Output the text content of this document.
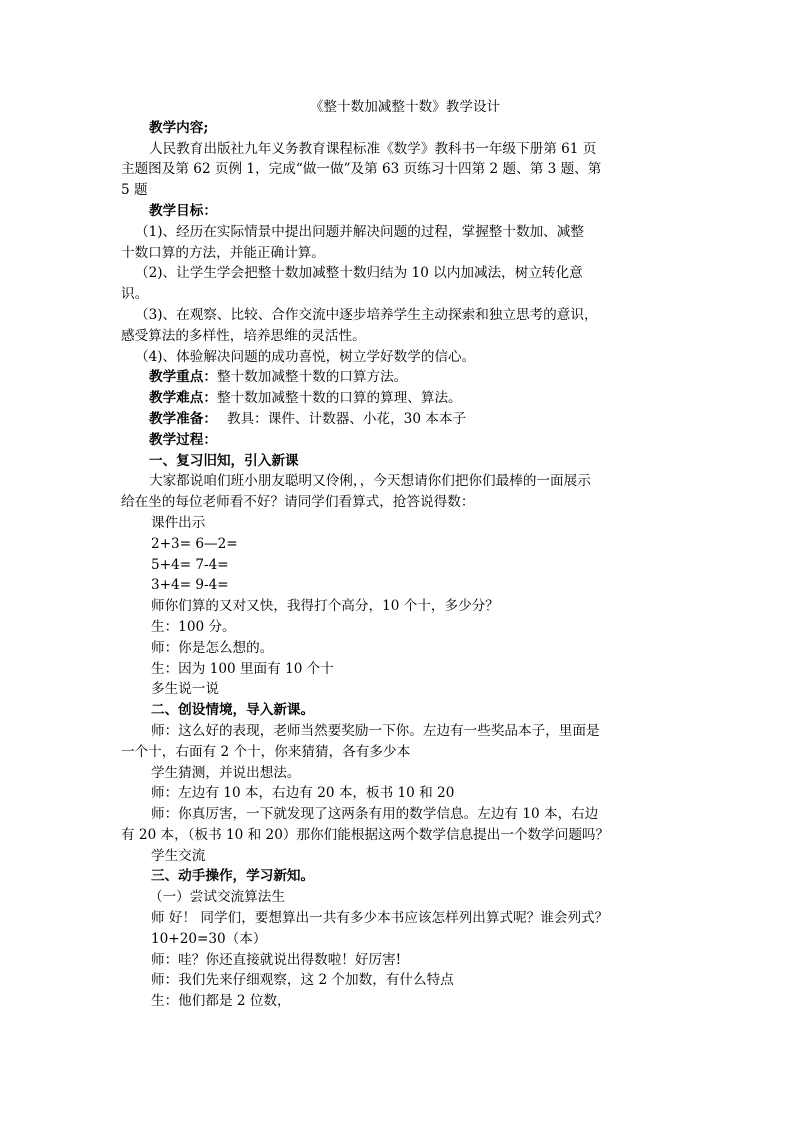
《整十数加减整十数》教学设计
教学内容;
人民教育出版社九年义务教育课程标准《数学》教科书一年级下册第 61 页
主题图及第 62 页例 1，完成“做一做”及第 63 页练习十四第 2 题、第 3 题、第
5 题
教学目标：
（1)、经历在实际情景中提出问题并解决问题的过程，掌握整十数加、减整
十数口算的方法，并能正确计算。
（2)、让学生学会把整十数加减整十数归结为 10 以内加减法，树立转化意
识。
（3)、在观察、比较、合作交流中逐步培养学生主动探索和独立思考的意识，
感受算法的多样性，培养思维的灵活性。
（4)、体验解决问题的成功喜悦，树立学好数学的信心。
教学重点：整十数加减整十数的口算方法。
教学难点：整十数加减整十数的口算的算理、算法。
教学准备： 教具：课件、计数器、小花，30 本本子
教学过程：
一、复习旧知，引入新课
大家都说咱们班小朋友聪明又伶俐，，今天想请你们把你们最棒的一面展示
给在坐的每位老师看不好？请同学们看算式，抢答说得数：
课件出示
2+3= 6—2=
5+4= 7-4=
3+4= 9-4=
师你们算的又对又快，我得打个高分，10 个十，多少分？
生：100 分。
师：你是怎么想的。
生：因为 100 里面有 10 个十
多生说一说
二、创设情境，导入新课。
师：这么好的表现，老师当然要奖励一下你。左边有一些奖品本子，里面是
一个十，右面有 2 个十，你来猜猜，各有多少本
学生猜测，并说出想法。
师：左边有 10 本，右边有 20 本，板书 10 和 20
师：你真厉害，一下就发现了这两条有用的数学信息。左边有 10 本，右边
有 20 本，（板书 10 和 20）那你们能根据这两个数学信息提出一个数学问题吗？
学生交流
三、动手操作，学习新知。
（一）尝试交流算法生
师 好！ 同学们，要想算出一共有多少本书应该怎样列出算式呢？谁会列式？
10+20=30（本）
师：哇？你还直接就说出得数啦！好厉害!
师：我们先来仔细观察，这 2 个加数，有什么特点
生：他们都是 2 位数，
